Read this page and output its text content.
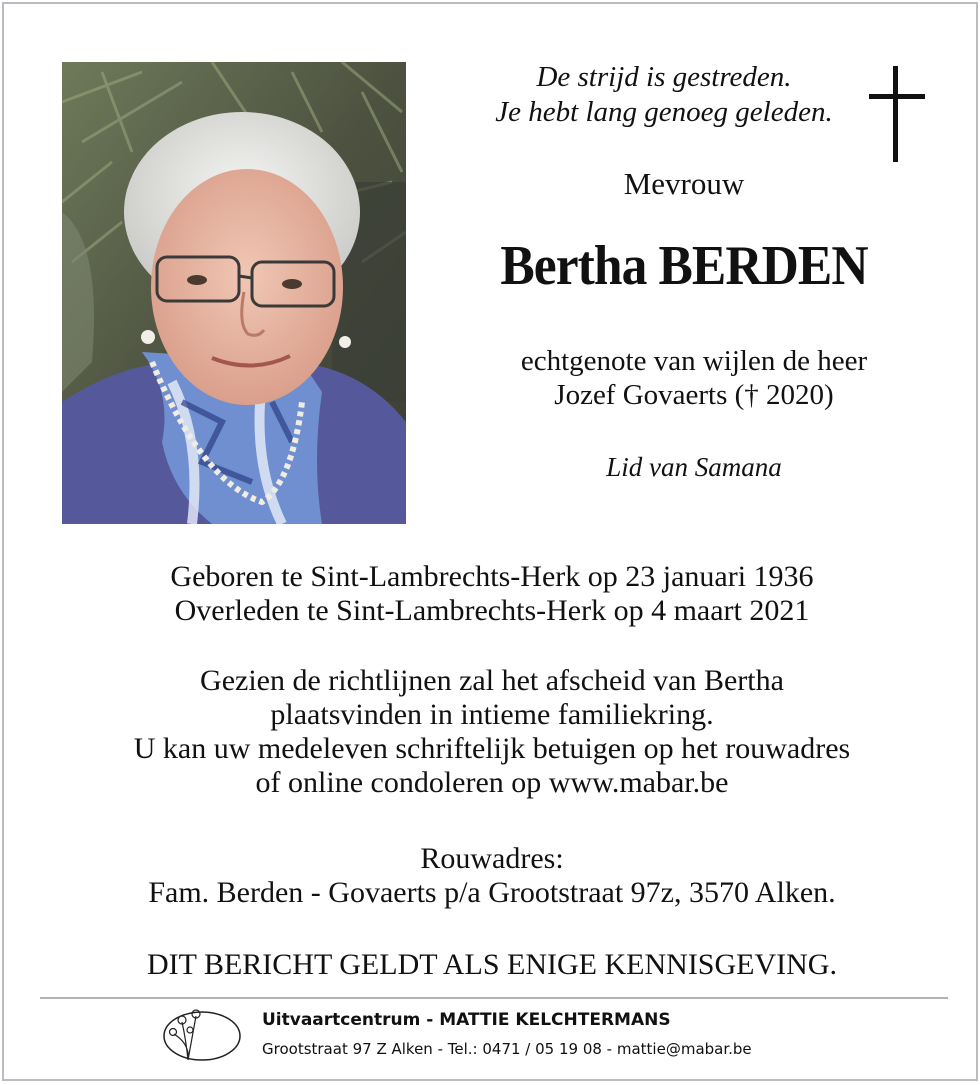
De strijd is gestreden.
Je hebt lang genoeg geleden.
Mevrouw
Bertha BERDEN
echtgenote van wijlen de heer
Jozef Govaerts († 2020)
Lid van Samana
Geboren te Sint-Lambrechts-Herk op 23 januari 1936
Overleden te Sint-Lambrechts-Herk op 4 maart 2021
Gezien de richtlijnen zal het afscheid van Bertha
plaatsvinden in intieme familiekring.
U kan uw medeleven schriftelijk betuigen op het rouwadres
of online condoleren op www.mabar.be
Rouwadres:
Fam. Berden - Govaerts p/a Grootstraat 97z, 3570 Alken.
DIT BERICHT GELDT ALS ENIGE KENNISGEVING.
Uitvaartcentrum - MATTIE KELCHTERMANS
Grootstraat 97 Z Alken - Tel.: 0471 / 05 19 08 - mattie@mabar.be
